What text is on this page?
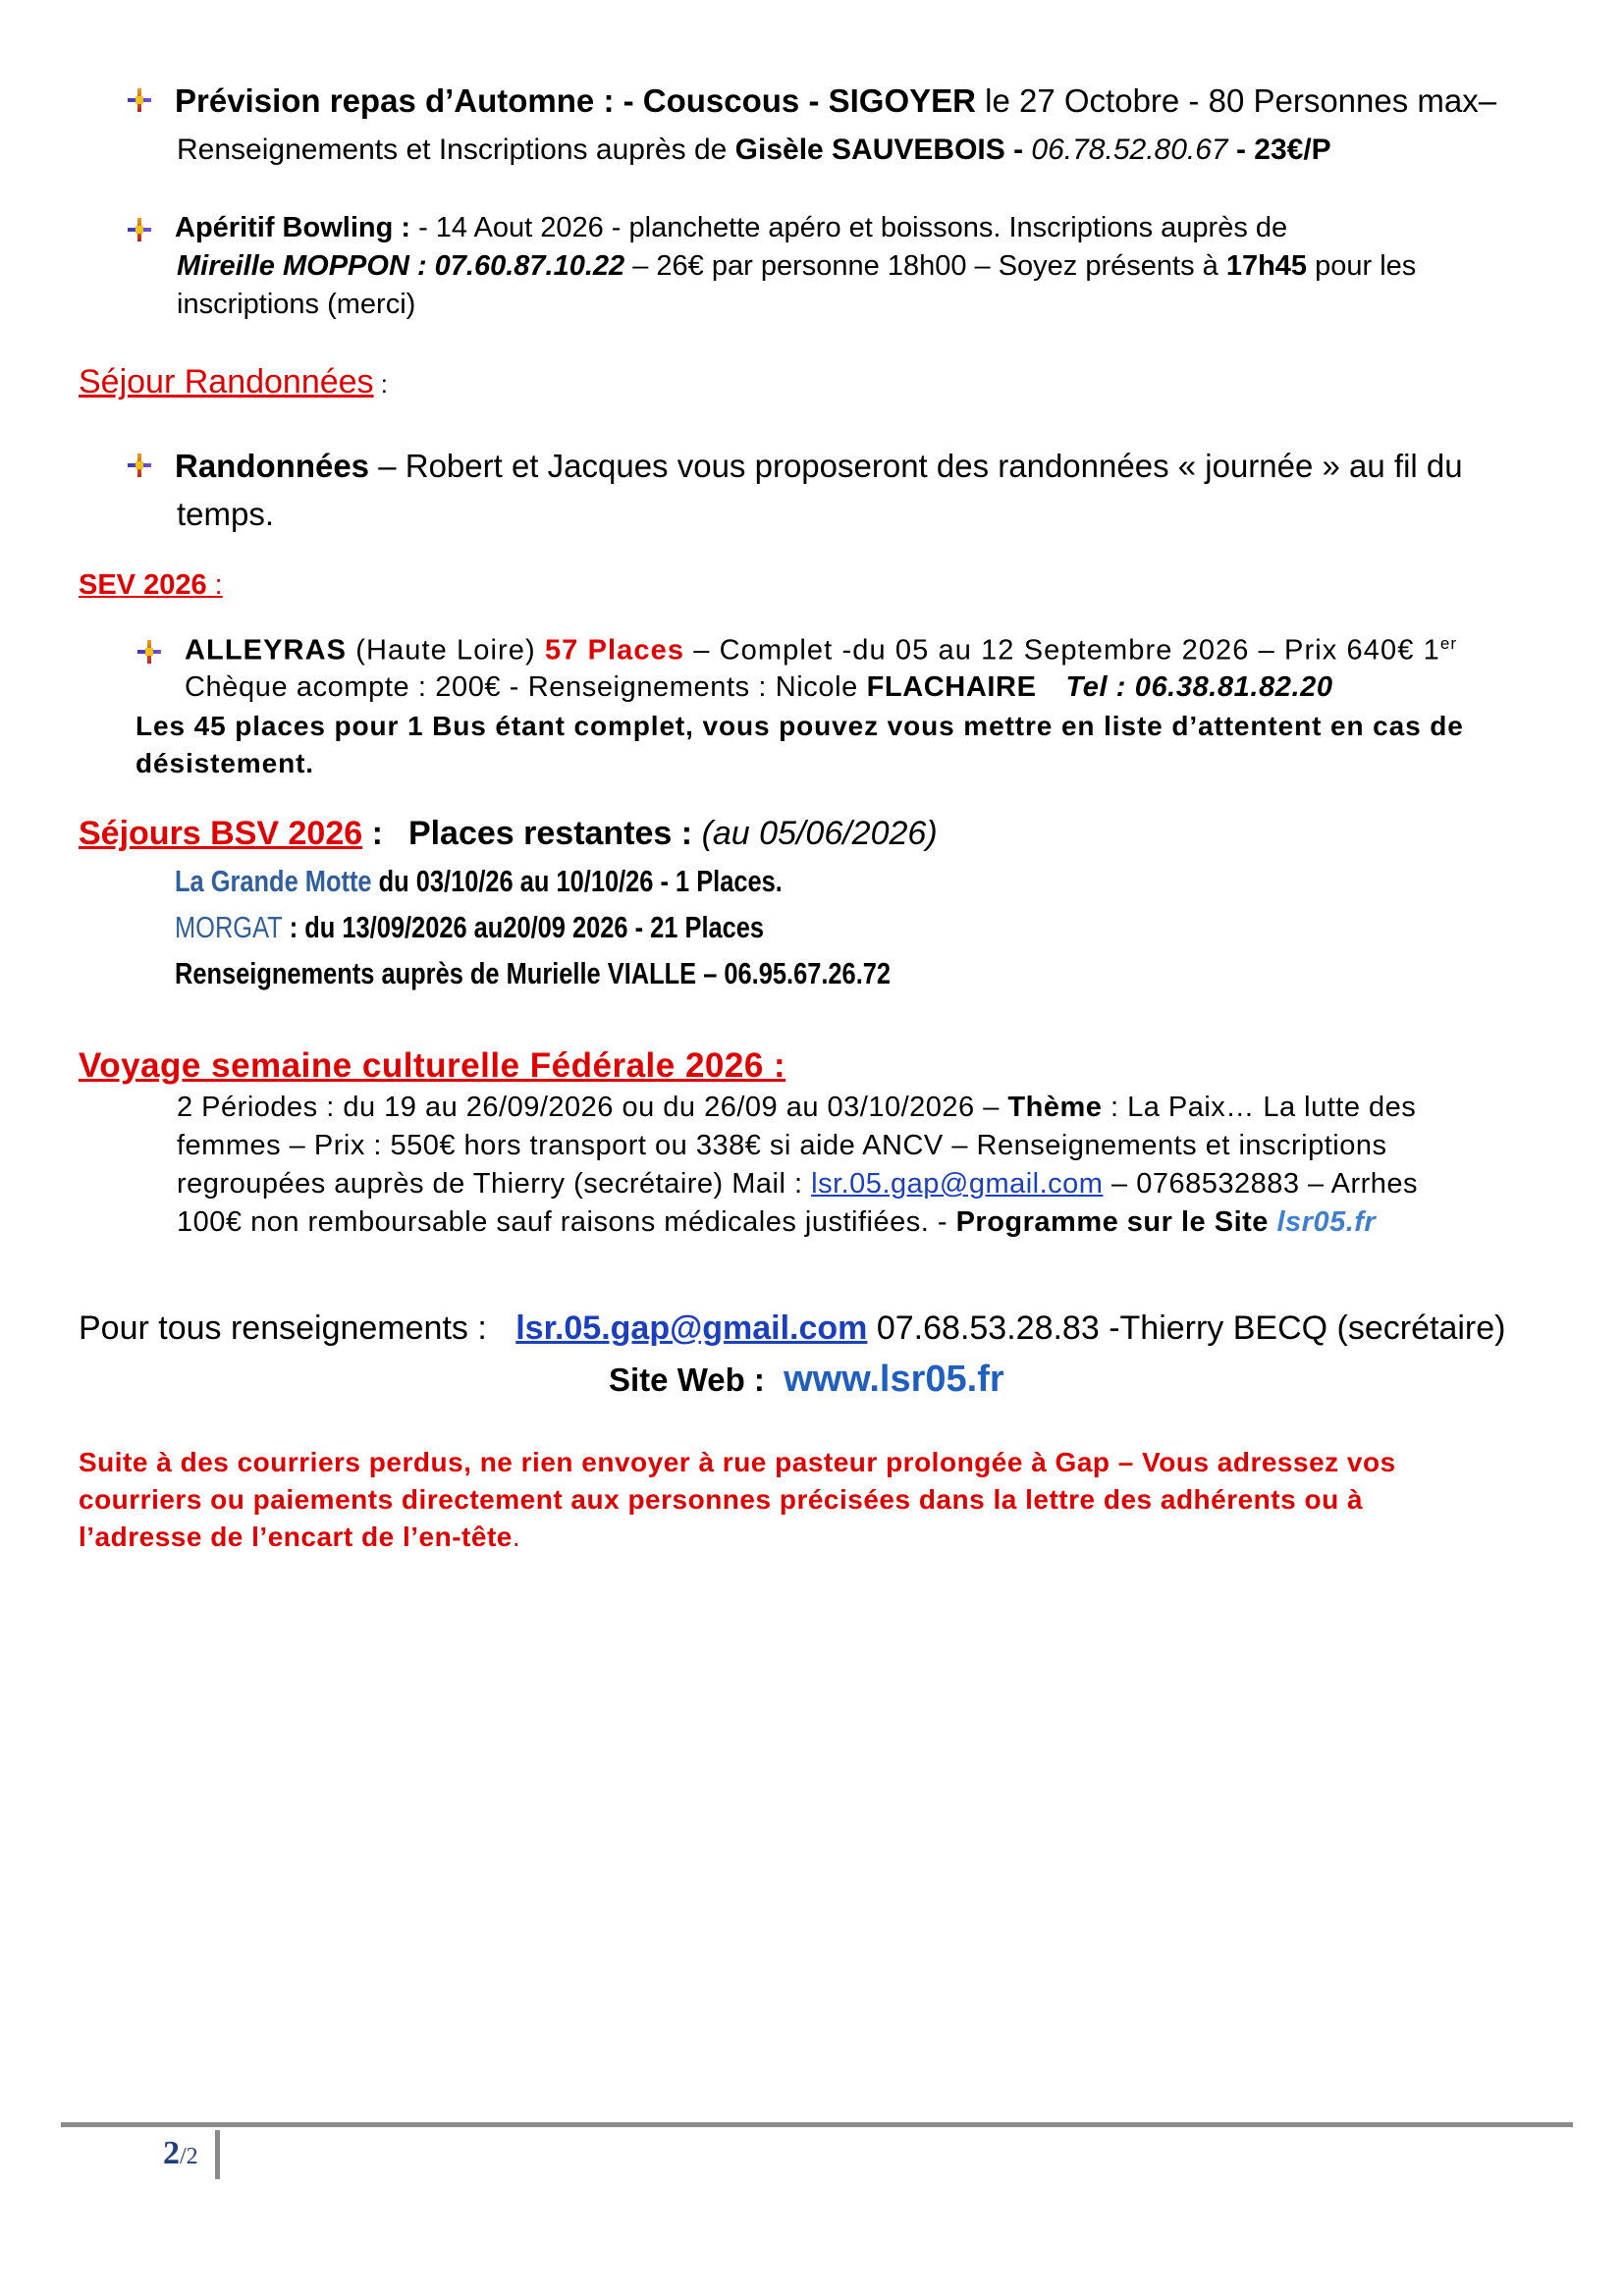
Prévision repas d’Automne : - Couscous - SIGOYER le 27 Octobre - 80 Personnes max–
Renseignements et Inscriptions auprès de Gisèle SAUVEBOIS - 06.78.52.80.67 - 23€/P
Apéritif Bowling : - 14 Aout 2026 - planchette apéro et boissons. Inscriptions auprès de
Mireille MOPPON : 07.60.87.10.22 – 26€ par personne 18h00 – Soyez présents à 17h45 pour les
inscriptions (merci)
Séjour Randonnées :
Randonnées – Robert et Jacques vous proposeront des randonnées « journée » au fil du
temps.
SEV 2026 :
ALLEYRAS (Haute Loire) 57 Places – Complet -du 05 au 12 Septembre 2026 – Prix 640€ 1er
Chèque acompte : 200€ - Renseignements : Nicole FLACHAIRE Tel : 06.38.81.82.20
Les 45 places pour 1 Bus étant complet, vous pouvez vous mettre en liste d’attentent en cas de
désistement.
Séjours BSV 2026 : Places restantes : (au 05/06/2026)
La Grande Motte du 03/10/26 au 10/10/26 - 1 Places.
MORGAT : du 13/09/2026 au20/09 2026 - 21 Places
Renseignements auprès de Murielle VIALLE – 06.95.67.26.72
Voyage semaine culturelle Fédérale 2026 :
2 Périodes : du 19 au 26/09/2026 ou du 26/09 au 03/10/2026 – Thème : La Paix… La lutte des
femmes – Prix : 550€ hors transport ou 338€ si aide ANCV – Renseignements et inscriptions
regroupées auprès de Thierry (secrétaire) Mail : lsr.05.gap@gmail.com – 0768532883 – Arrhes
100€ non remboursable sauf raisons médicales justifiées. - Programme sur le Site lsr05.fr
Pour tous renseignements : lsr.05.gap@gmail.com 07.68.53.28.83 -Thierry BECQ (secrétaire)
Site Web : www.lsr05.fr
Suite à des courriers perdus, ne rien envoyer à rue pasteur prolongée à Gap – Vous adressez vos
courriers ou paiements directement aux personnes précisées dans la lettre des adhérents ou à
l’adresse de l’encart de l’en-tête.
2/2
